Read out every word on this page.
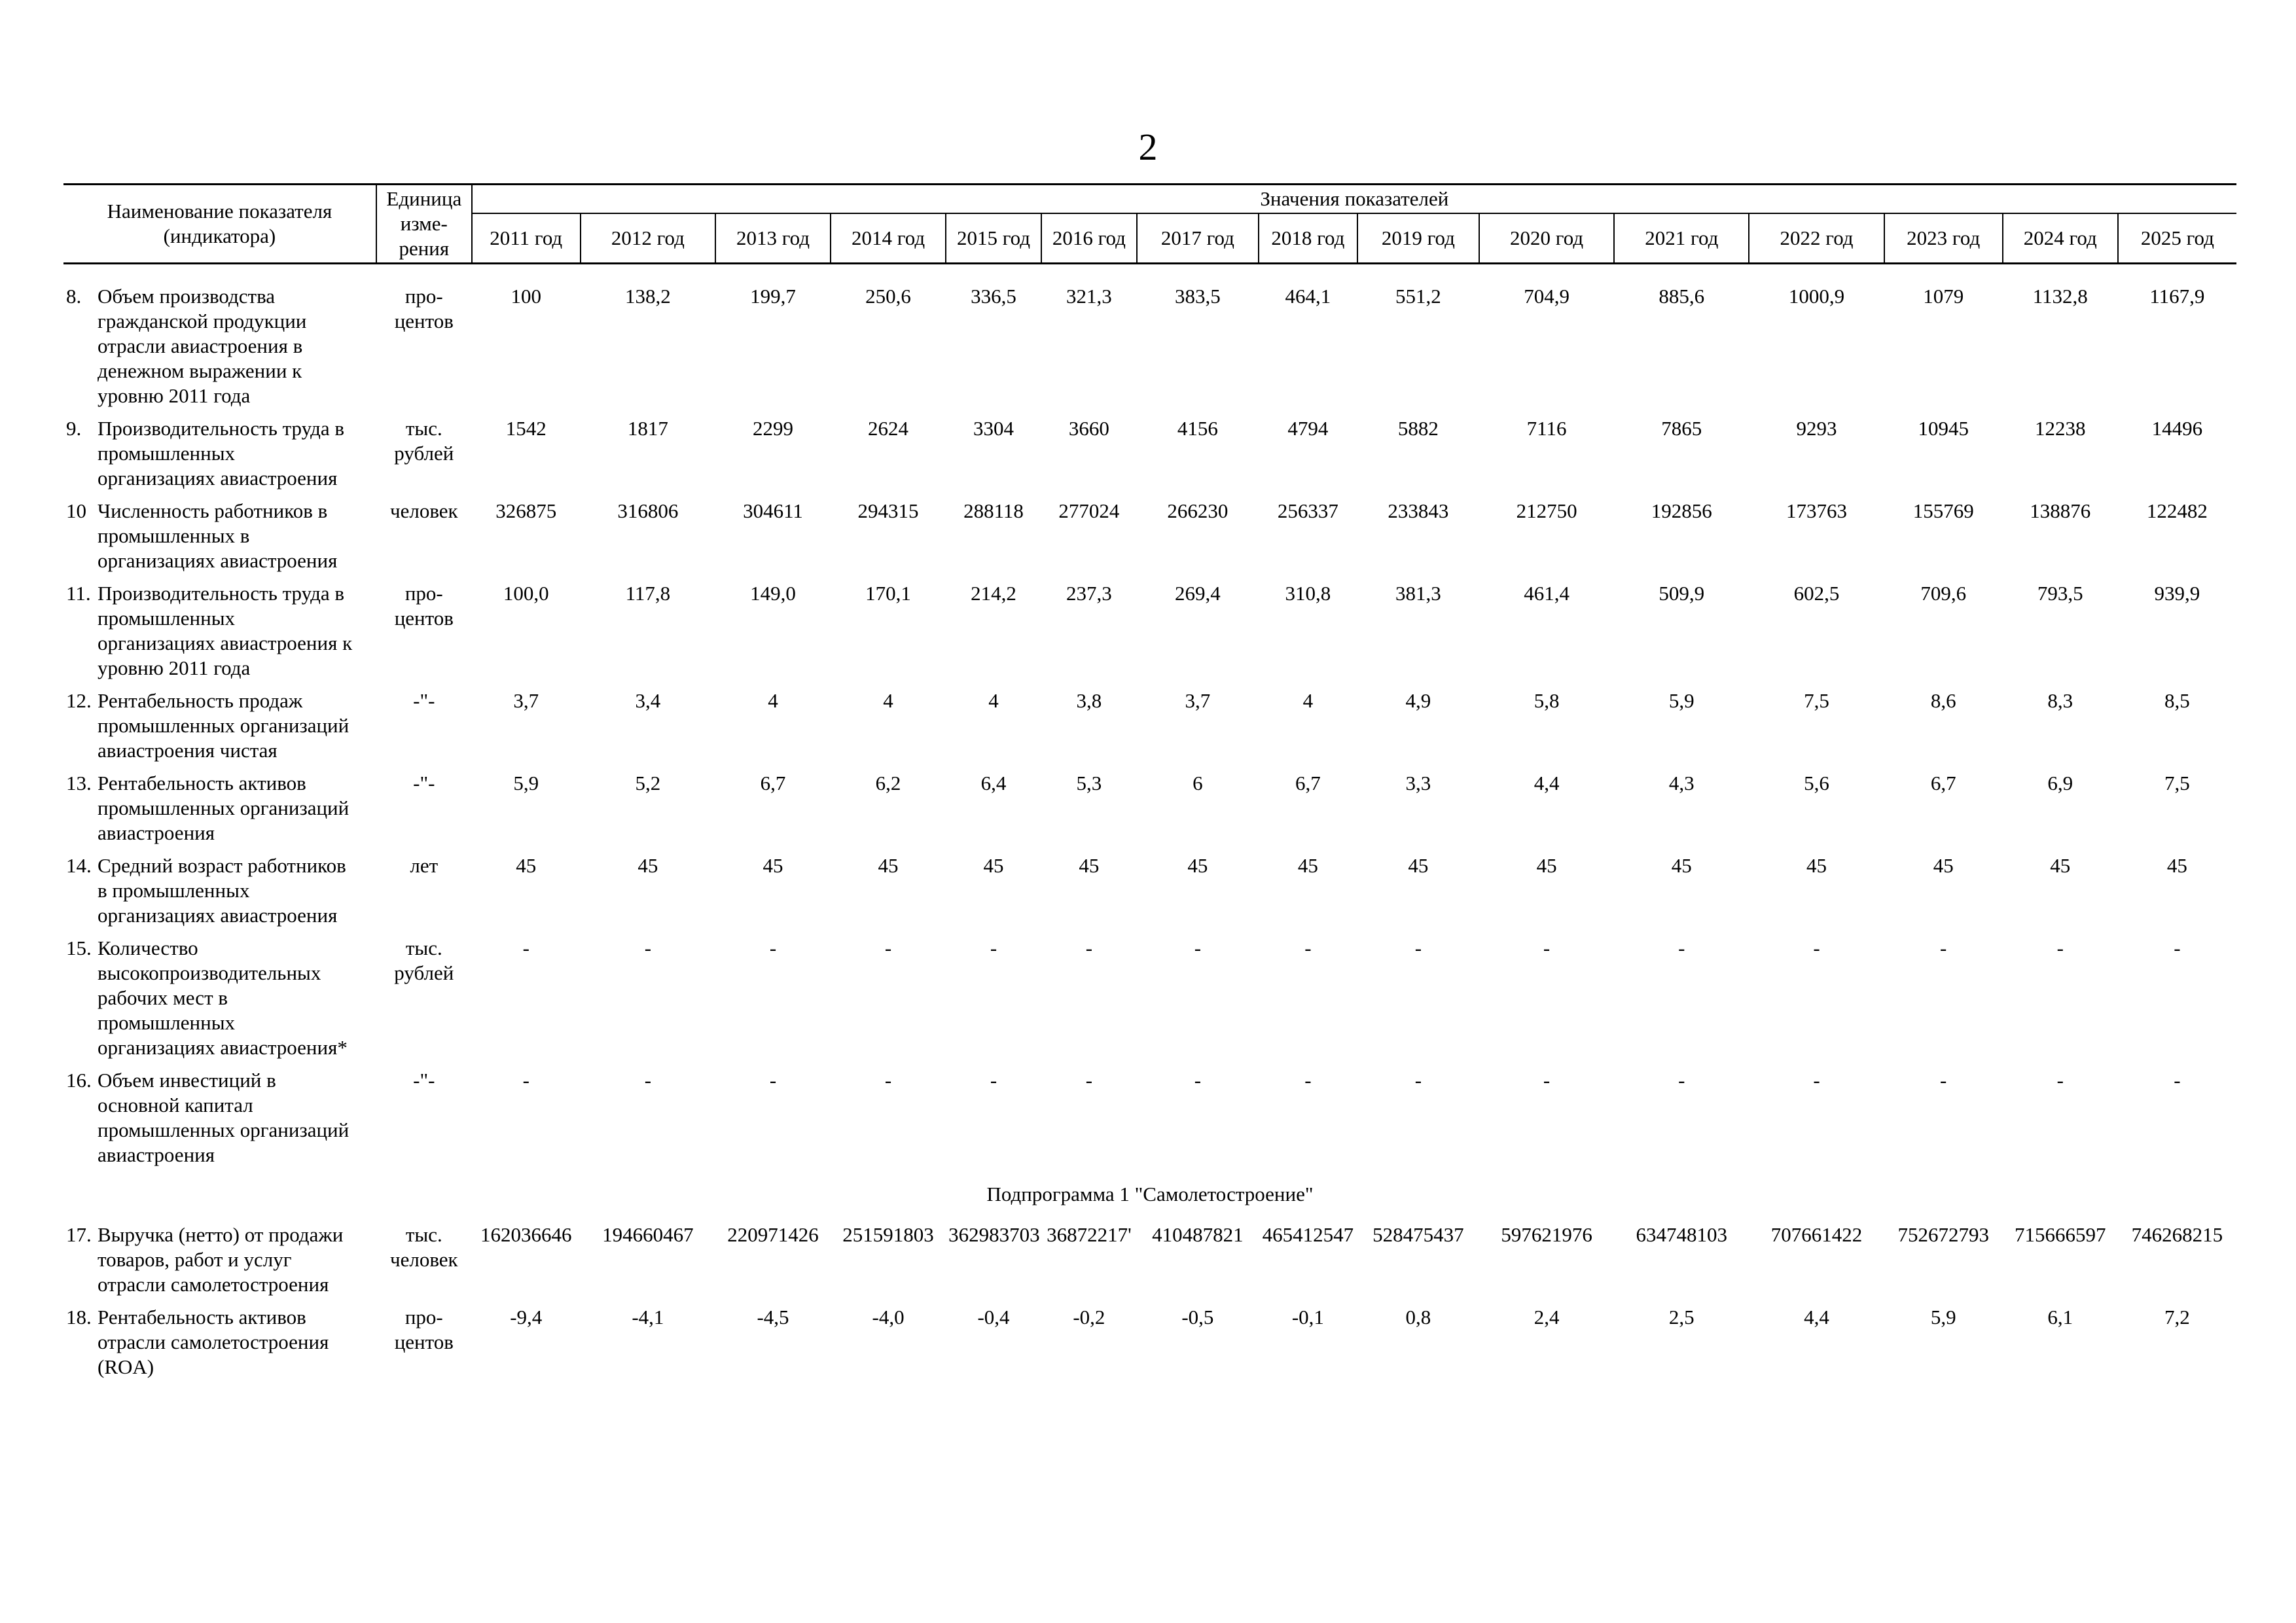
2
Наименование показателя (индикатора)	Единица изме-рения	Значения показателей														
		2011 год	2012 год	2013 год	2014 год	2015 год	2016 год	2017 год	2018 год	2019 год	2020 год	2021 год	2022 год	2023 год	2024 год	2025 год

8. Объем производства гражданской продукции отрасли авиастроения в денежном выражении к уровню 2011 года	про-центов	100	138,2	199,7	250,6	336,5	321,3	383,5	464,1	551,2	704,9	885,6	1000,9	1079	1132,8	1167,9
9. Производительность труда в промышленных организациях авиастроения	тыс. рублей	1542	1817	2299	2624	3304	3660	4156	4794	5882	7116	7865	9293	10945	12238	14496
10 Численность работников в промышленных в организациях авиастроения	человек	326875	316806	304611	294315	288118	277024	266230	256337	233843	212750	192856	173763	155769	138876	122482
11. Производительность труда в промышленных организациях авиастроения к уровню 2011 года	про-центов	100,0	117,8	149,0	170,1	214,2	237,3	269,4	310,8	381,3	461,4	509,9	602,5	709,6	793,5	939,9
12. Рентабельность продаж промышленных организаций авиастроения чистая	-"-	3,7	3,4	4	4	4	3,8	3,7	4	4,9	5,8	5,9	7,5	8,6	8,3	8,5
13. Рентабельность активов промышленных организаций авиастроения	-"-	5,9	5,2	6,7	6,2	6,4	5,3	6	6,7	3,3	4,4	4,3	5,6	6,7	6,9	7,5
14. Средний возраст работников в промышленных организациях авиастроения	лет	45	45	45	45	45	45	45	45	45	45	45	45	45	45	45
15. Количество высокопроизводительных рабочих мест в промышленных организациях авиастроения*	тыс. рублей	-	-	-	-	-	-	-	-	-	-	-	-	-	-	-
16. Объем инвестиций в основной капитал промышленных организаций авиастроения	-"-	-	-	-	-	-	-	-	-	-	-	-	-	-	-	-
Подпрограмма 1 "Самолетостроение"																
17. Выручка (нетто) от продажи товаров, работ и услуг отрасли самолетостроения	тыс. человек	162036646	194660467	220971426	251591803	362983703	36872217'	410487821	465412547	528475437	597621976	634748103	707661422	752672793	715666597	746268215
18. Рентабельность активов отрасли самолетостроения (ROA)	про-центов	-9,4	-4,1	-4,5	-4,0	-0,4	-0,2	-0,5	-0,1	0,8	2,4	2,5	4,4	5,9	6,1	7,2
